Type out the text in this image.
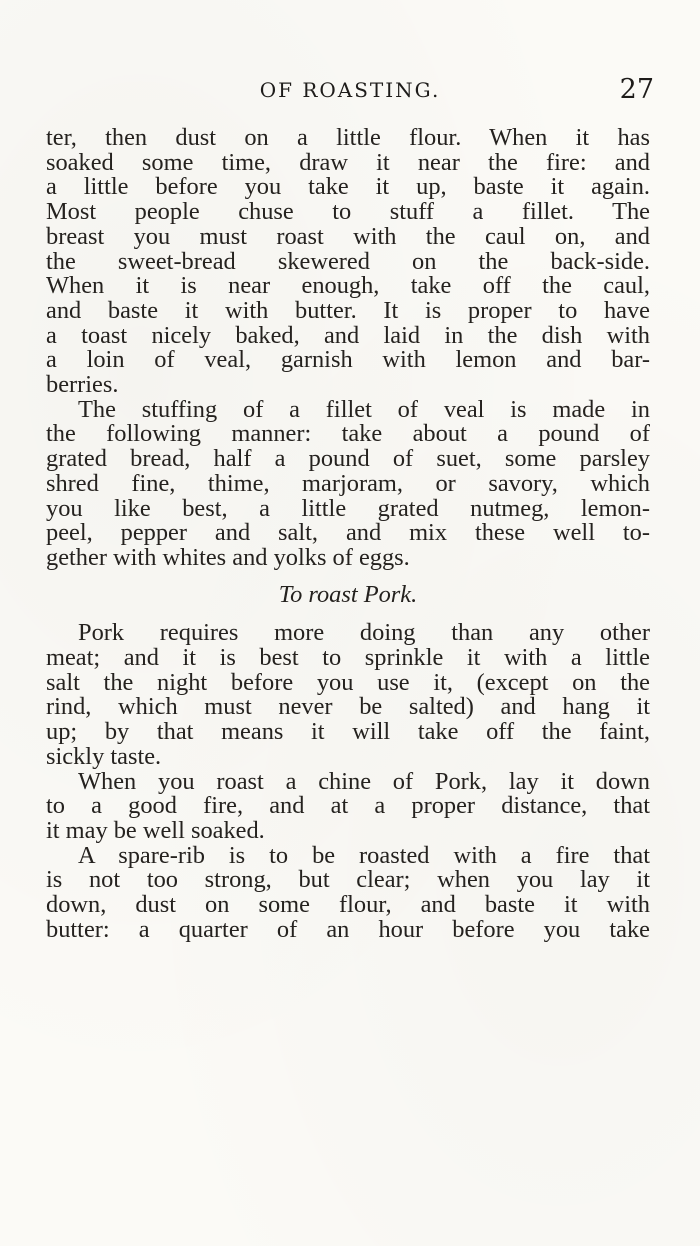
OF ROASTING.	27

ter, then dust on a little flour. When it has
soaked some time, draw it near the fire: and
a little before you take it up, baste it again.
Most people chuse to stuff a fillet. The
breast you must roast with the caul on, and
the sweet-bread skewered on the back-side.
When it is near enough, take off the caul,
and baste it with butter. It is proper to have
a toast nicely baked, and laid in the dish with
a loin of veal, garnish with lemon and bar-
berries.

The stuffing of a fillet of veal is made in
the following manner: take about a pound of
grated bread, half a pound of suet, some parsley
shred fine, thime, marjoram, or savory, which
you like best, a little grated nutmeg, lemon-
peel, pepper and salt, and mix these well to-
gether with whites and yolks of eggs.

To roast Pork.

Pork requires more doing than any other
meat; and it is best to sprinkle it with a little
salt the night before you use it, (except on the
rind, which must never be salted) and hang it
up; by that means it will take off the faint,
sickly taste.

When you roast a chine of Pork, lay it down
to a good fire, and at a proper distance, that
it may be well soaked.

A spare-rib is to be roasted with a fire that
is not too strong, but clear; when you lay it
down, dust on some flour, and baste it with
butter: a quarter of an hour before you take
